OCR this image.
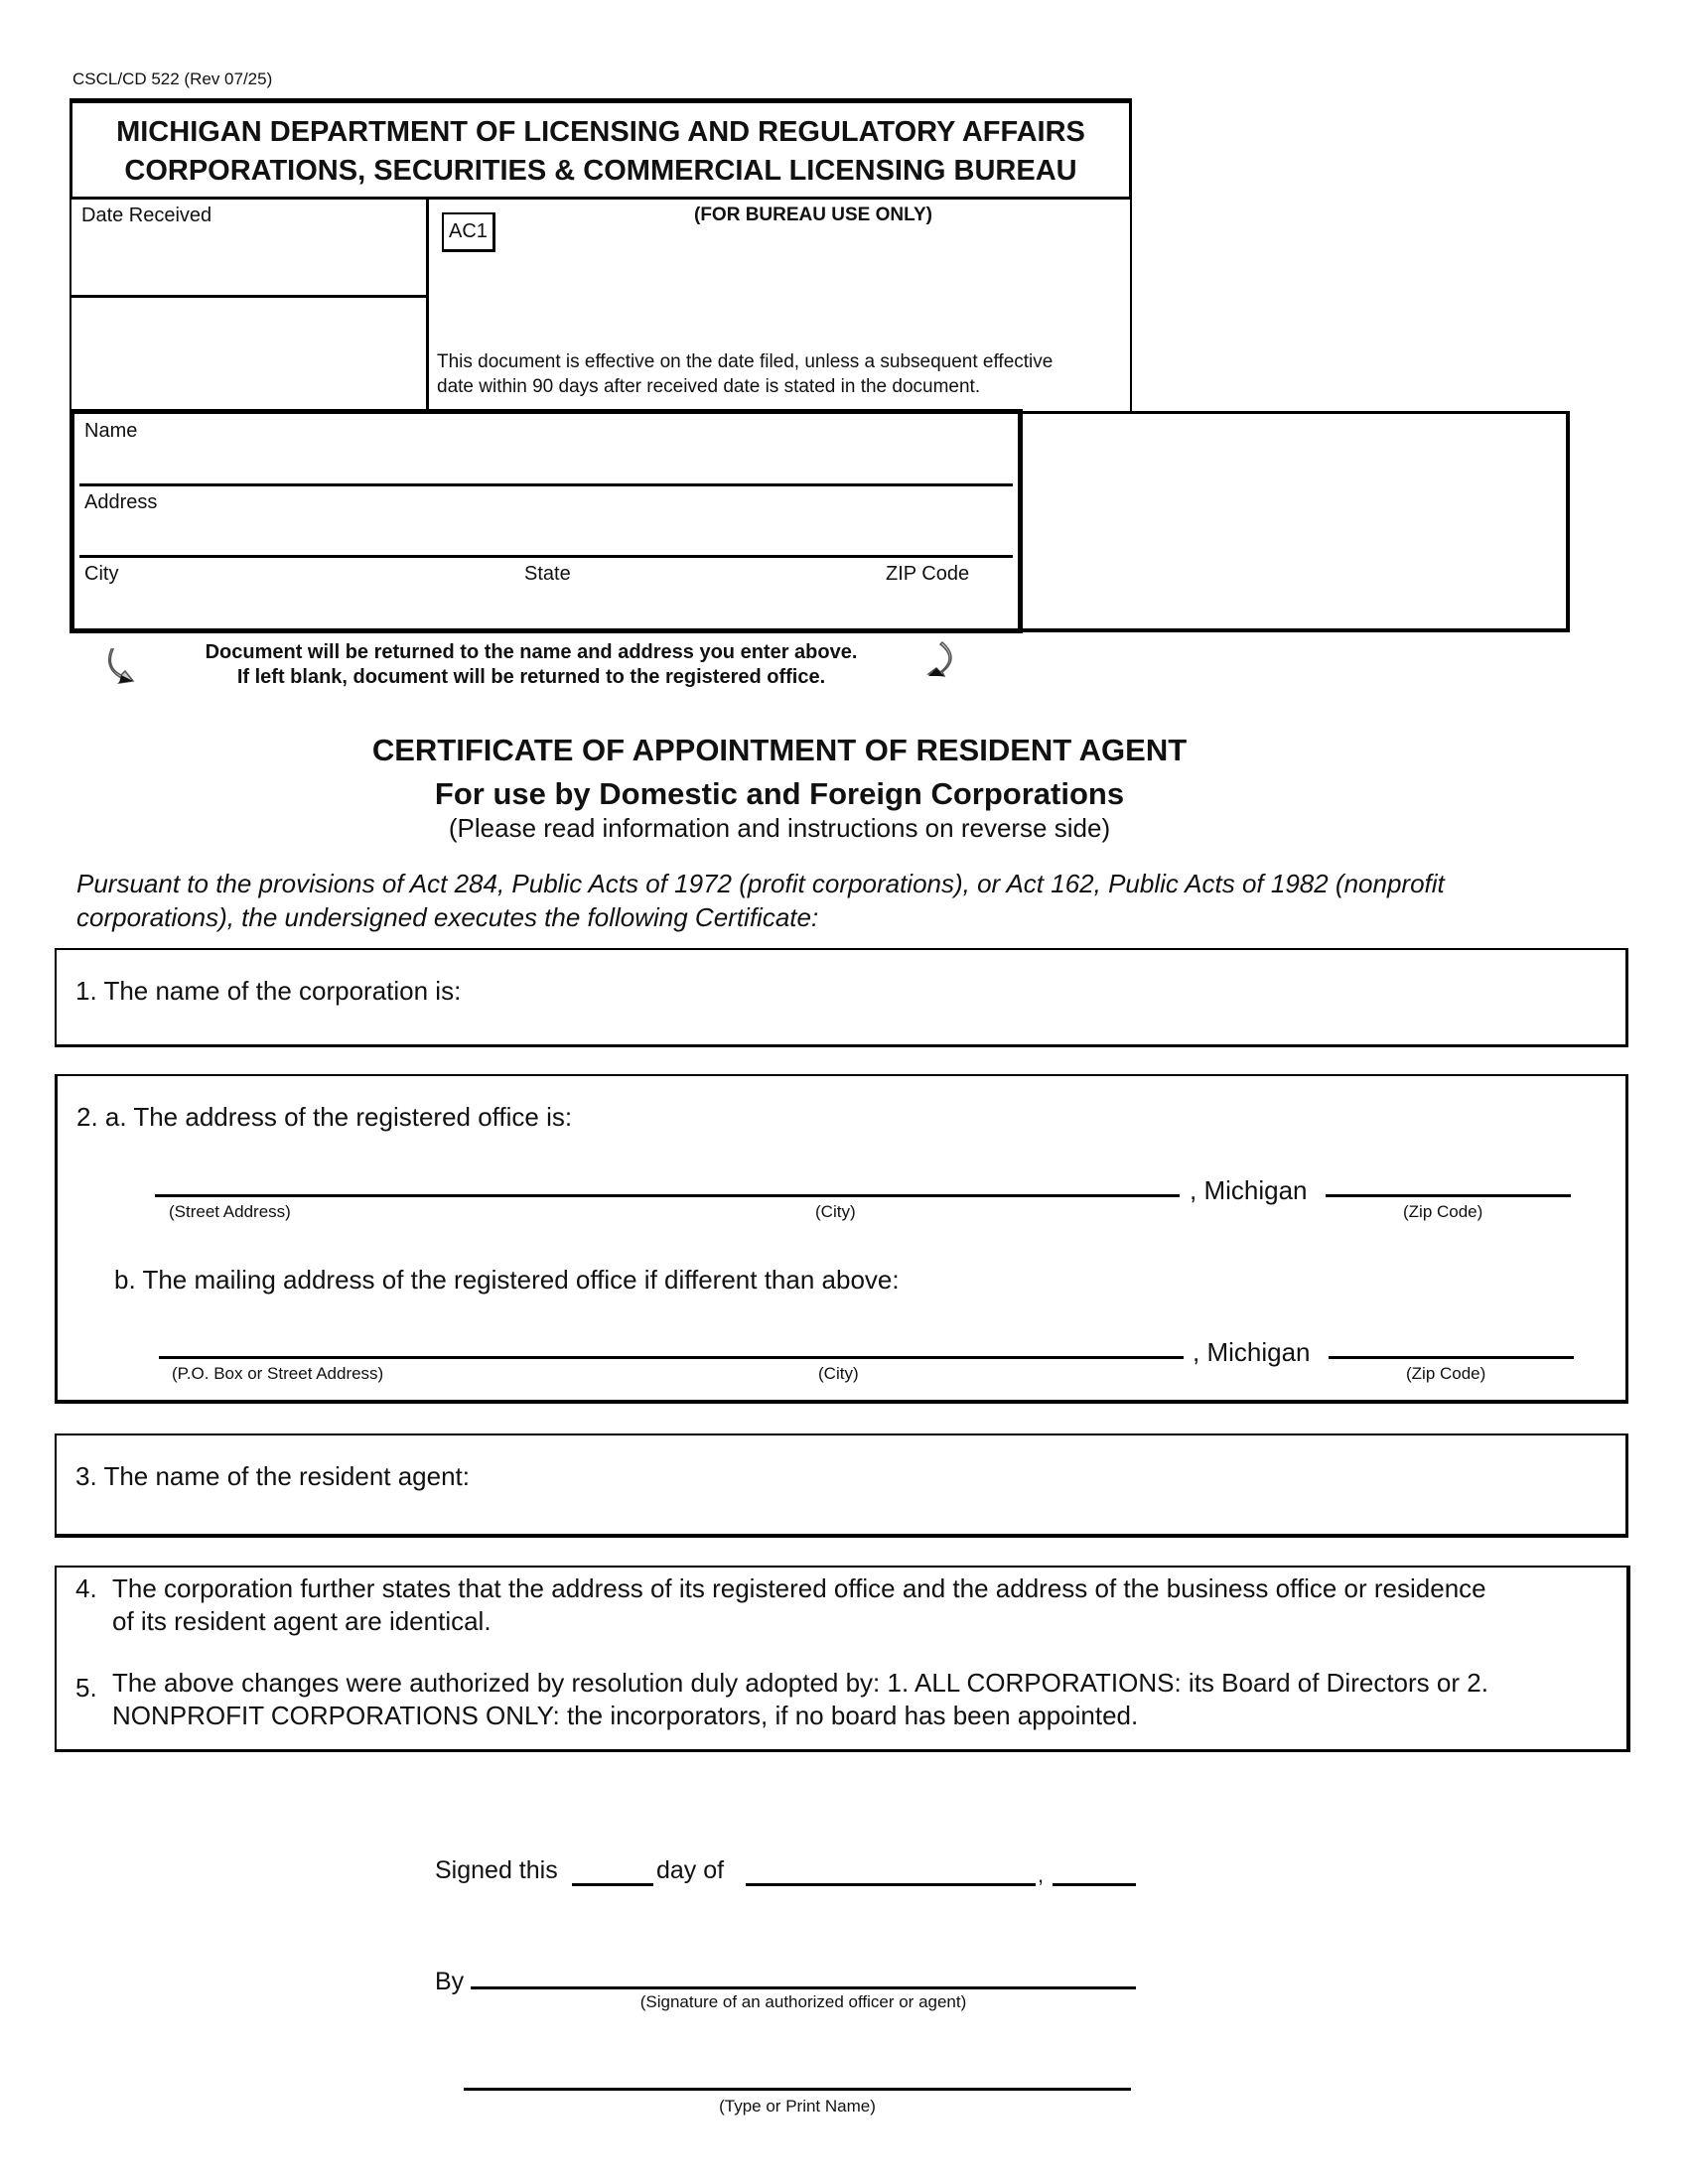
CSCL/CD 522 (Rev 07/25)
MICHIGAN DEPARTMENT OF LICENSING AND REGULATORY AFFAIRS
CORPORATIONS, SECURITIES & COMMERCIAL LICENSING BUREAU
Date Received	(FOR BUREAU USE ONLY)
AC1
This document is effective on the date filed, unless a subsequent effective
date within 90 days after received date is stated in the document.
Name
Address
City	State	ZIP Code
Document will be returned to the name and address you enter above.
If left blank, document will be returned to the registered office.
CERTIFICATE OF APPOINTMENT OF RESIDENT AGENT
For use by Domestic and Foreign Corporations
(Please read information and instructions on reverse side)
Pursuant to the provisions of Act 284, Public Acts of 1972 (profit corporations), or Act 162, Public Acts of 1982 (nonprofit
corporations), the undersigned executes the following Certificate:
1. The name of the corporation is:
2. a. The address of the registered office is:
, Michigan
(Street Address)	(City)	(Zip Code)
b. The mailing address of the registered office if different than above:
, Michigan
(P.O. Box or Street Address)	(City)	(Zip Code)
3. The name of the resident agent:
4. The corporation further states that the address of its registered office and the address of the business office or residence
of its resident agent are identical.
5. The above changes were authorized by resolution duly adopted by: 1. ALL CORPORATIONS: its Board of Directors or 2.
NONPROFIT CORPORATIONS ONLY: the incorporators, if no board has been appointed.
Signed this	day of	,
By
(Signature of an authorized officer or agent)
(Type or Print Name)
